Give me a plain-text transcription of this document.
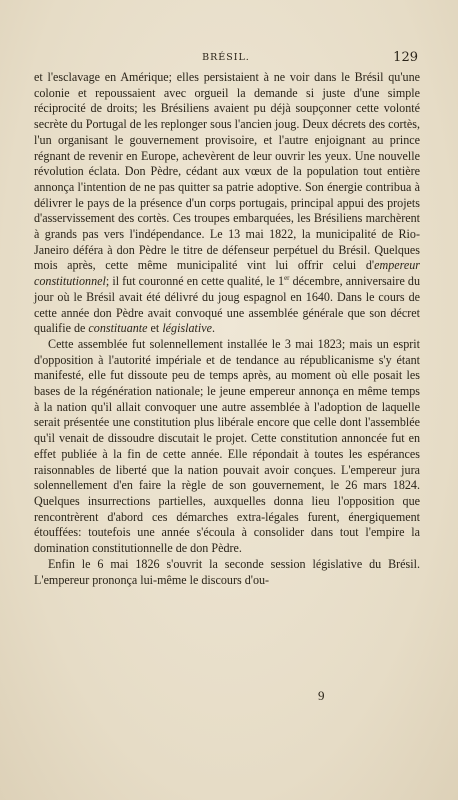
BRÉSIL.	129

et l'esclavage en Amérique; elles persistaient à ne voir dans le Brésil qu'une colonie et repoussaient avec orgueil la demande si juste d'une simple réciprocité de droits; les Brésiliens avaient pu déjà soupçonner cette volonté secrète du Portugal de les replonger sous l'ancien joug. Deux décrets des cortès, l'un organisant le gouvernement provisoire, et l'autre enjoignant au prince régnant de revenir en Europe, achevèrent de leur ouvrir les yeux. Une nouvelle révolution éclata. Don Pèdre, cédant aux vœux de la population tout entière annonça l'intention de ne pas quitter sa patrie adoptive. Son énergie contribua à délivrer le pays de la présence d'un corps portugais, principal appui des projets d'asservissement des cortès. Ces troupes embarquées, les Brésiliens marchèrent à grands pas vers l'indépendance. Le 13 mai 1822, la municipalité de Rio-Janeiro déféra à don Pèdre le titre de défenseur perpétuel du Brésil. Quelques mois après, cette même municipalité vint lui offrir celui d'empereur constitutionnel; il fut couronné en cette qualité, le 1er décembre, anniversaire du jour où le Brésil avait été délivré du joug espagnol en 1640. Dans le cours de cette année don Pèdre avait convoqué une assemblée générale que son décret qualifie de constituante et législative.

Cette assemblée fut solennellement installée le 3 mai 1823; mais un esprit d'opposition à l'autorité impériale et de tendance au républicanisme s'y étant manifesté, elle fut dissoute peu de temps après, au moment où elle posait les bases de la régénération nationale; le jeune empereur annonça en même temps à la nation qu'il allait convoquer une autre assemblée à l'adoption de laquelle serait présentée une constitution plus libérale encore que celle dont l'assemblée qu'il venait de dissoudre discutait le projet. Cette constitution annoncée fut en effet publiée à la fin de cette année. Elle répondait à toutes les espérances raisonnables de liberté que la nation pouvait avoir conçues. L'empereur jura solennellement d'en faire la règle de son gouvernement, le 26 mars 1824. Quelques insurrections partielles, auxquelles donna lieu l'opposition que rencontrèrent d'abord ces démarches extra-légales furent, énergiquement étouffées: toutefois une année s'écoula à consolider dans tout l'empire la domination constitutionnelle de don Pèdre.

Enfin le 6 mai 1826 s'ouvrit la seconde session législative du Brésil. L'empereur prononça lui-même le discours d'ou-

9
